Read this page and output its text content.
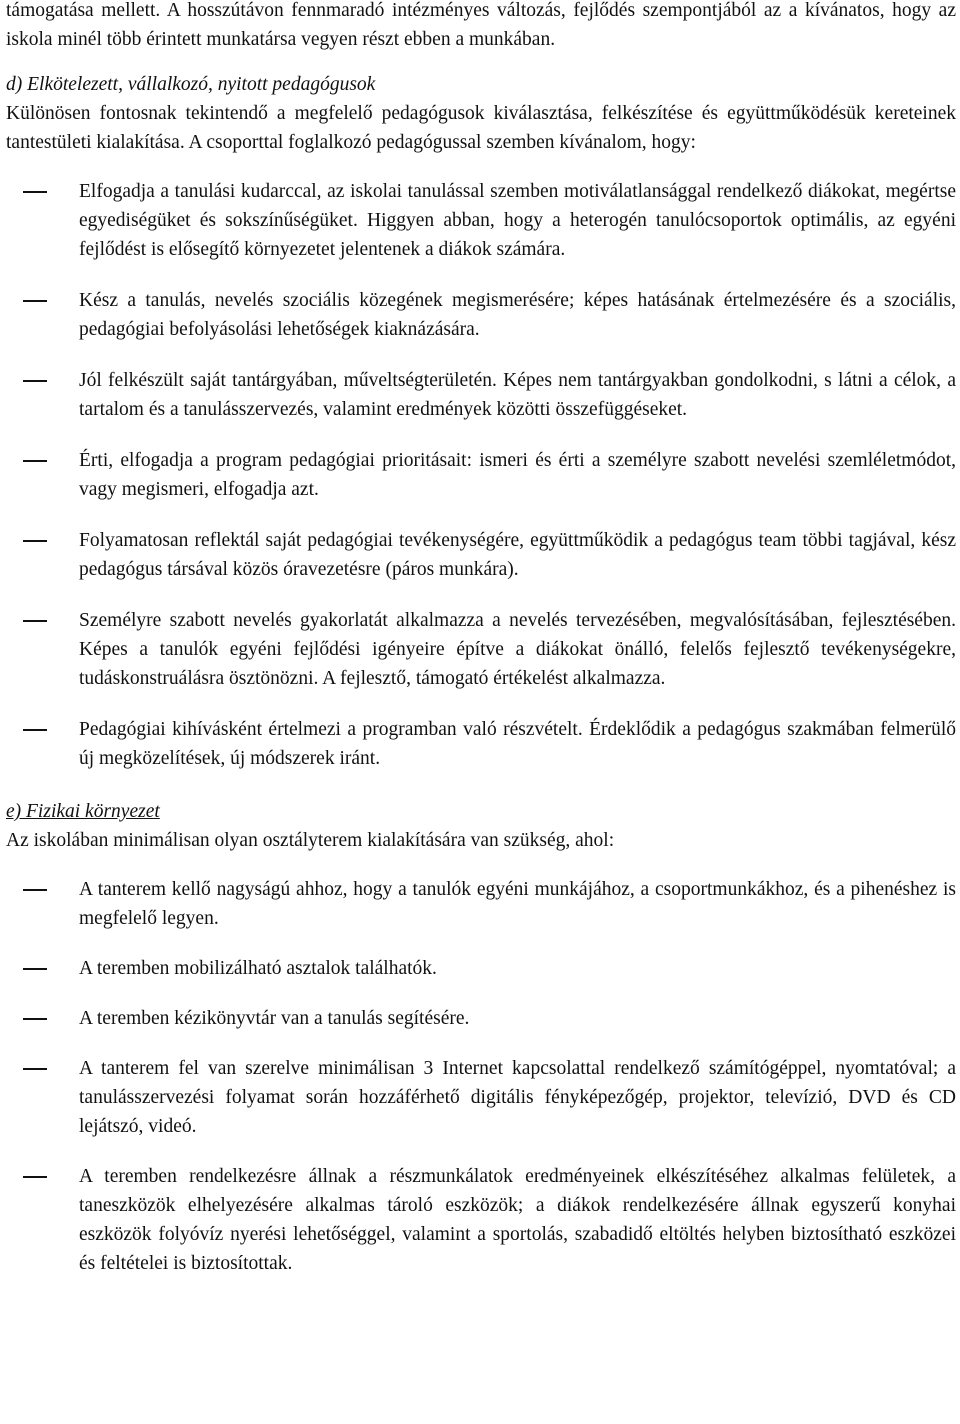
támogatása mellett. A hosszútávon fennmaradó intézményes változás, fejlődés szempontjából az a kívánatos, hogy az iskola minél több érintett munkatársa vegyen részt ebben a munkában.

d) Elkötelezett, vállalkozó, nyitott pedagógusok

Különösen fontosnak tekintendő a megfelelő pedagógusok kiválasztása, felkészítése és együttműködésük kereteinek tantestületi kialakítása. A csoporttal foglalkozó pedagógussal szemben kívánalom, hogy:

Elfogadja a tanulási kudarccal, az iskolai tanulással szemben motiválatlansággal rendelkező diákokat, megértse egyediségüket és sokszínűségüket. Higgyen abban, hogy a heterogén tanulócsoportok optimális, az egyéni fejlődést is elősegítő környezetet jelentenek a diákok számára.
Kész a tanulás, nevelés szociális közegének megismerésére; képes hatásának értelmezésére és a szociális, pedagógiai befolyásolási lehetőségek kiaknázására.
Jól felkészült saját tantárgyában, műveltségterületén. Képes nem tantárgyakban gondolkodni, s látni a célok, a tartalom és a tanulásszervezés, valamint eredmények közötti összefüggéseket.
Érti, elfogadja a program pedagógiai prioritásait: ismeri és érti a személyre szabott nevelési szemléletmódot, vagy megismeri, elfogadja azt.
Folyamatosan reflektál saját pedagógiai tevékenységére, együttműködik a pedagógus team többi tagjával, kész pedagógus társával közös óravezetésre (páros munkára).
Személyre szabott nevelés gyakorlatát alkalmazza a nevelés tervezésében, megvalósításában, fejlesztésében. Képes a tanulók egyéni fejlődési igényeire építve a diákokat önálló, felelős fejlesztő tevékenységekre, tudáskonstruálásra ösztönözni. A fejlesztő, támogató értékelést alkalmazza.
Pedagógiai kihívásként értelmezi a programban való részvételt. Érdeklődik a pedagógus szakmában felmerülő új megközelítések, új módszerek iránt.
e) Fizikai környezet

Az iskolában minimálisan olyan osztályterem kialakítására van szükség, ahol:

A tanterem kellő nagyságú ahhoz, hogy a tanulók egyéni munkájához, a csoportmunkákhoz, és a pihenéshez is megfelelő legyen.
A teremben mobilizálható asztalok találhatók.
A teremben kézikönyvtár van a tanulás segítésére.
A tanterem fel van szerelve minimálisan 3 Internet kapcsolattal rendelkező számítógéppel, nyomtatóval; a tanulásszervezési folyamat során hozzáférhető digitális fényképezőgép, projektor, televízió, DVD és CD lejátszó, videó.
A teremben rendelkezésre állnak a részmunkálatok eredményeinek elkészítéséhez alkalmas felületek, a taneszközök elhelyezésére alkalmas tároló eszközök; a diákok rendelkezésére állnak egyszerű konyhai eszközök folyóvíz nyerési lehetőséggel, valamint a sportolás, szabadidő eltöltés helyben biztosítható eszközei és feltételei is biztosítottak.
